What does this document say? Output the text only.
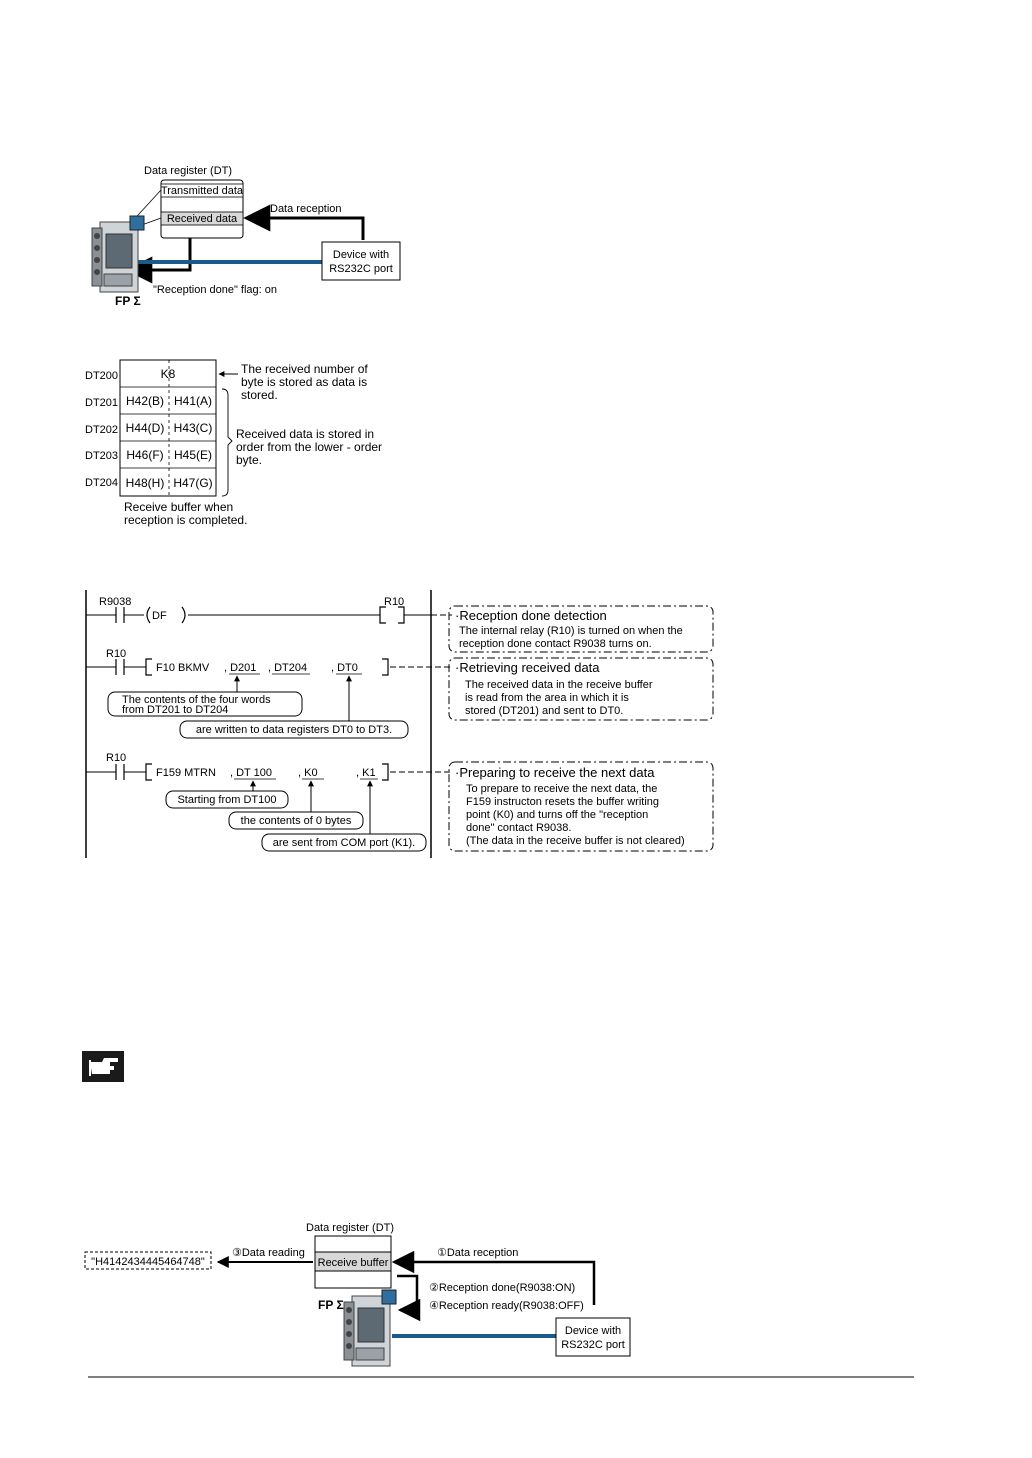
Data register (DT)
Transmitted data
Received data
Data reception
Device with
RS232C port
"Reception done" flag: on
FP Σ
DT200	K8
DT201 H42(B) H41(A)
DT202 H44(D) H43(C)
DT203 H46(F) H45(E)
DT204 H48(H) H47(G)
The received number of
byte is stored as data is
stored.
Received data is stored in
order from the lower - order
byte.
Receive buffer when
reception is completed.
R9038
DF
R10
R10
F10 BKMV , D201 , DT204 , DT0
The contents of the four words
from DT201 to DT204
are written to data registers DT0 to DT3.
R10
F159 MTRN , DT 100 , K0	, K1
Starting from DT100
the contents of 0 bytes
are sent from COM port (K1).
·Reception done detection
The internal relay (R10) is turned on when the
reception done contact R9038 turns on.
·Retrieving received data
The received data in the receive buffer
is read from the area in which it is
stored (DT201) and sent to DT0.
·Preparing to receive the next data
To prepare to receive the next data, the
F159 instructon resets the buffer writing
point (K0) and turns off the "reception
done" contact R9038.
(The data in the receive buffer is not cleared)
Data register (DT)
Receive buffer
③Data reading
"H4142434445464748"
①Data reception
②Reception done(R9038:ON)
④Reception ready(R9038:OFF)
FP Σ
Device with
RS232C port
